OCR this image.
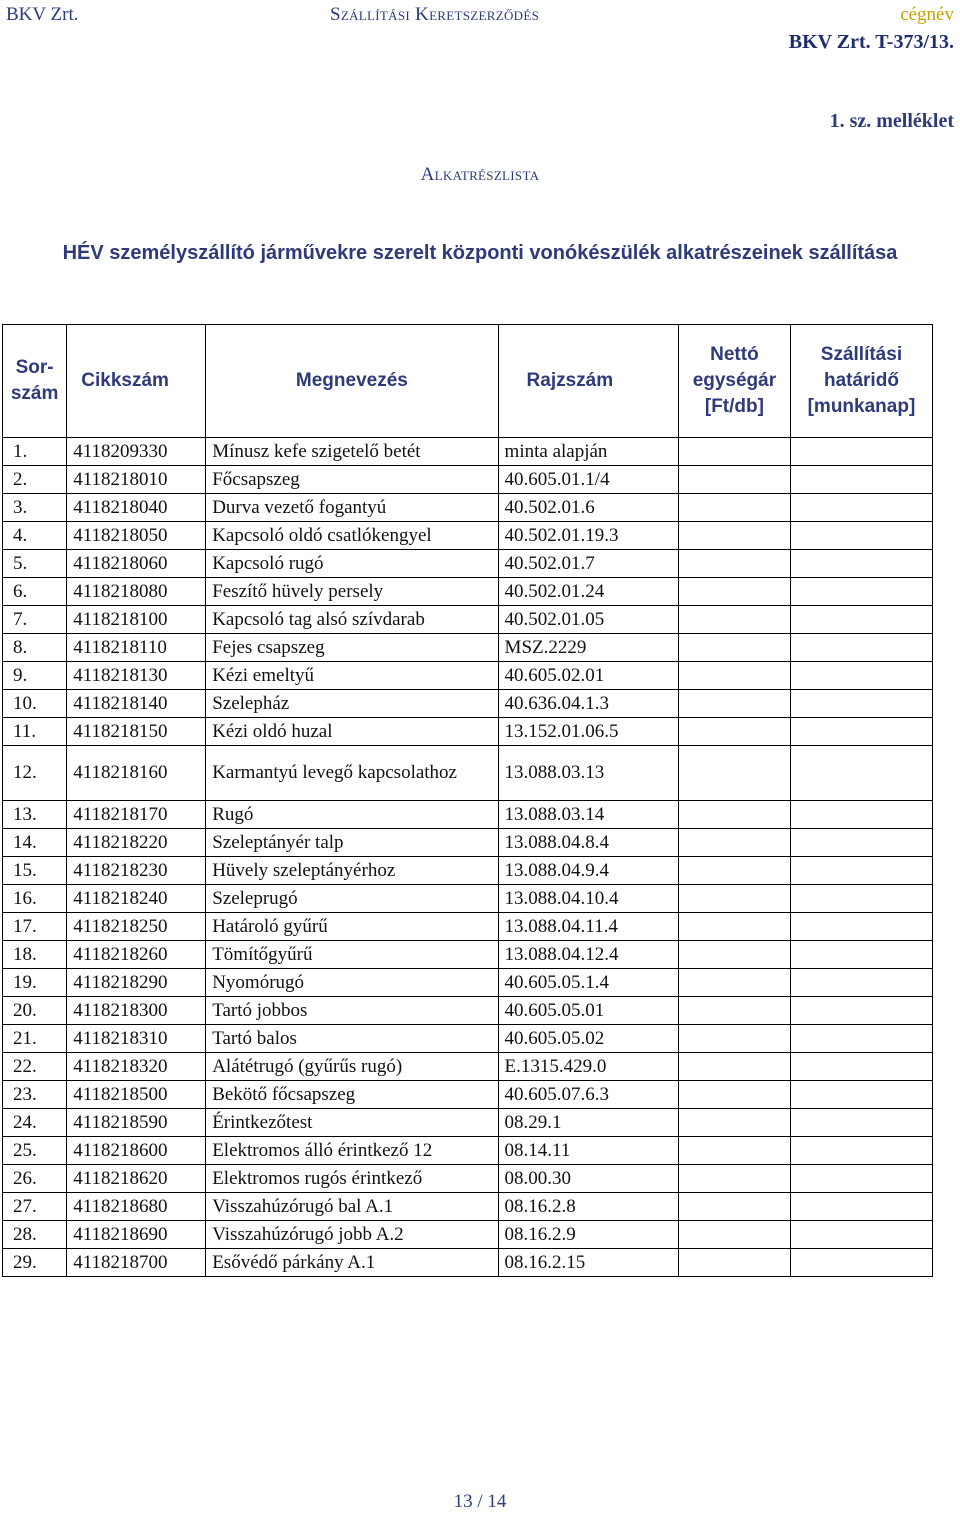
BKV Zrt.	Szállítási Keretszerződés	cégnév
BKV Zrt. T-373/13.
1. sz. melléklet
Alkatrészlista
HÉV személyszállító járművekre szerelt központi vonókészülék alkatrészeinek szállítása
Sor-
szám	Cikkszám	Megnevezés	Rajzszám	Nettó
egységár
[Ft/db]	Szállítási
határidő
[munkanap]
1.	4118209330	Mínusz kefe szigetelő betét	minta alapján		
2.	4118218010	Főcsapszeg	40.605.01.1/4		
3.	4118218040	Durva vezető fogantyú	40.502.01.6		
4.	4118218050	Kapcsoló oldó csatlókengyel	40.502.01.19.3		
5.	4118218060	Kapcsoló rugó	40.502.01.7		
6.	4118218080	Feszítő hüvely persely	40.502.01.24		
7.	4118218100	Kapcsoló tag alsó szívdarab	40.502.01.05		
8.	4118218110	Fejes csapszeg	MSZ.2229		
9.	4118218130	Kézi emeltyű	40.605.02.01		
10.	4118218140	Szelepház	40.636.04.1.3		
11.	4118218150	Kézi oldó huzal	13.152.01.06.5		
12.	4118218160	Karmantyú levegő kapcsolathoz	13.088.03.13		
13.	4118218170	Rugó	13.088.03.14		
14.	4118218220	Szeleptányér talp	13.088.04.8.4		
15.	4118218230	Hüvely szeleptányérhoz	13.088.04.9.4		
16.	4118218240	Szeleprugó	13.088.04.10.4		
17.	4118218250	Határoló gyűrű	13.088.04.11.4		
18.	4118218260	Tömítőgyűrű	13.088.04.12.4		
19.	4118218290	Nyomórugó	40.605.05.1.4		
20.	4118218300	Tartó jobbos	40.605.05.01		
21.	4118218310	Tartó balos	40.605.05.02		
22.	4118218320	Alátétrugó (gyűrűs rugó)	E.1315.429.0		
23.	4118218500	Bekötő főcsapszeg	40.605.07.6.3		
24.	4118218590	Érintkezőtest	08.29.1		
25.	4118218600	Elektromos álló érintkező 12	08.14.11		
26.	4118218620	Elektromos rugós érintkező	08.00.30		
27.	4118218680	Visszahúzórugó bal A.1	08.16.2.8		
28.	4118218690	Visszahúzórugó jobb A.2	08.16.2.9		
29.	4118218700	Esővédő párkány A.1	08.16.2.15		
13 / 14
